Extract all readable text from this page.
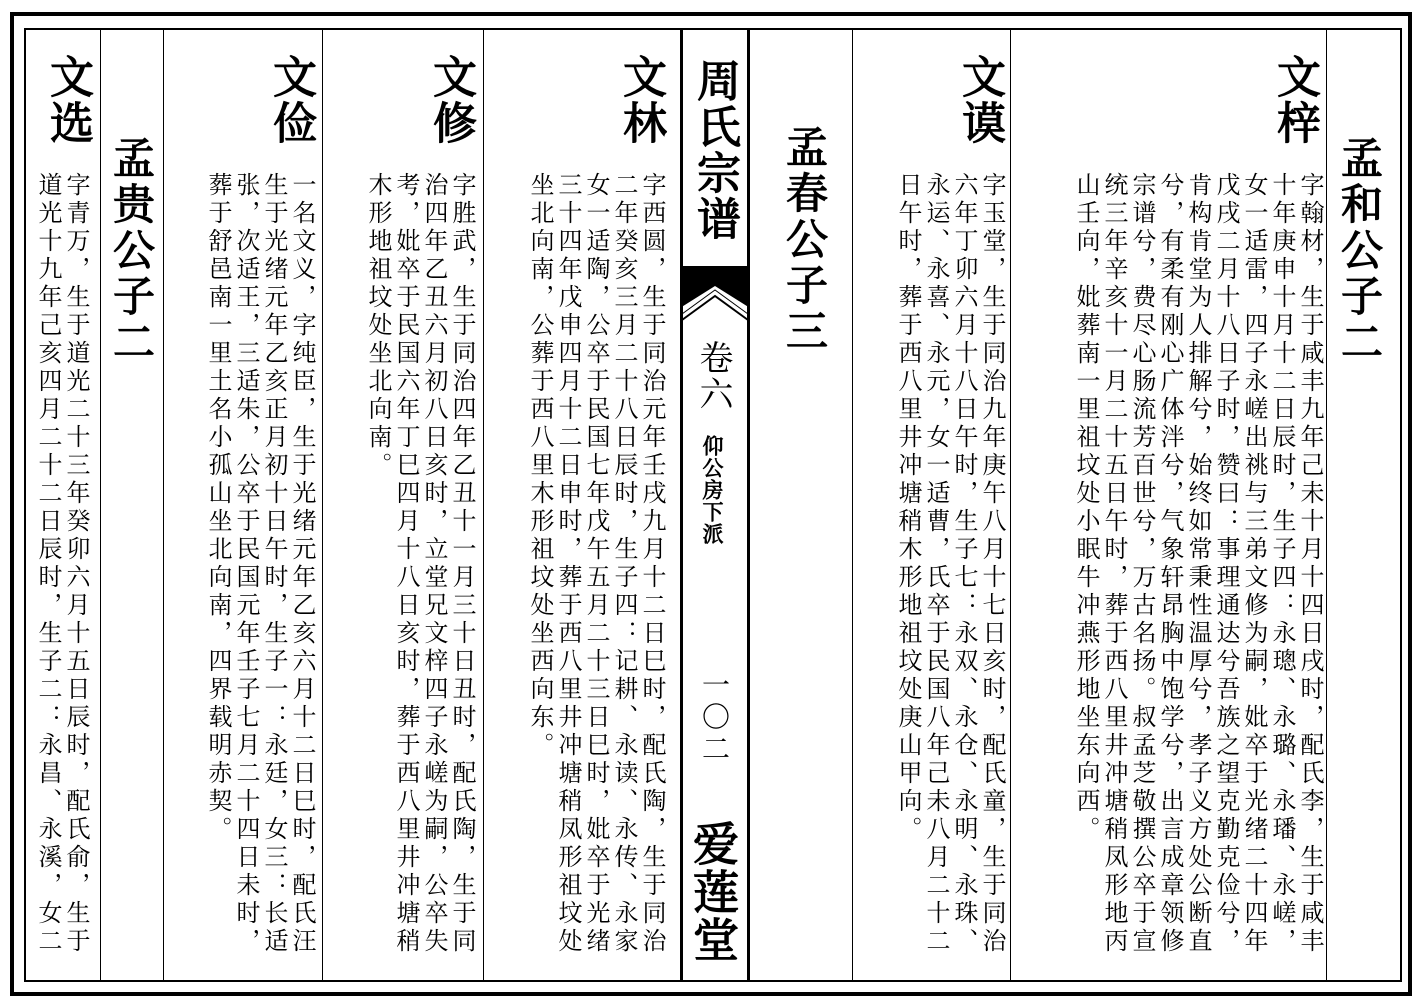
孟和公子二
文梓
字翰材，生于咸丰九年己未十月十四日戌时，配氏李，生于咸丰十年庚申十月十二日辰时，生子四：永璁、永璐、永璠、永嵯，女一适雷，四子永嵯出祧与三弟文修为嗣，妣卒于光绪二十四年戊戌二月十八日子时，赞曰：事理通达兮吾族之望克勤克俭兮，肯构肯堂为人排解兮，始终如常秉性温厚兮，孝子义方处公断直兮，有柔有刚心广体泮兮，气象轩昂胸中饱学兮，出言成章领修宗谱兮，费尽心肠流芳百世兮，万古名扬。叔孟芝敬撰公卒于宣统三年辛亥十一月二十五日午时，葬于西八里井冲塘稍凤形地丙山壬向，妣葬南一里祖坟处小眠牛冲燕形地坐东向西。
文谟
字玉堂，生于同治九年庚午八月十七日亥时，配氏童，生于同治六年丁卯六月十八日午时，生子七：永双、永仓、永明、永珠、永运、永喜、永元，女一适曹，氏卒于民国八年己未八月二十二日午时，葬于西八里井冲塘稍木形地祖坟处庚山甲向。
孟春公子三
周氏宗谱
卷六
仰公房下派
一〇二
爱莲堂
文林
字西圆，生于同治元年壬戌九月十二日巳时，配氏陶，生于同治二年癸亥三月二十八日辰时，生子四：记耕、永读、永传、永家女一适陶，公卒于民国七年戊午五月二十三日巳时，妣卒于光绪三十四年戊申四月十二日申时，葬于西八里井冲塘稍凤形祖坟处坐北向南，公葬于西八里木形祖坟处坐西向东。
文修
字胜武，生于同治四年乙丑十一月三十日丑时，配氏陶，生于同治四年乙丑六月初八日亥时，立堂兄文梓四子永嵯为嗣，公卒失考，妣卒于民国六年丁巳四月十八日亥时，葬于西八里井冲塘稍木形地祖坟处坐北向南。
文俭
一名文义，字纯臣，生于光绪元年乙亥六月十二日巳时，配氏汪生于光绪元年乙亥正月初十日午时，生子一：永廷，女三：长适张，次适王，三适朱，公卒于民国元年壬子七月二十四日未时，葬于舒邑南一里土名小孤山坐北向南，四界载明赤契。
孟贵公子二
文选
字青万，生于道光二十三年癸卯六月十五日辰时，配氏俞，生于道光十九年己亥四月二十二日辰时，生子二：永昌、永溪，女二
